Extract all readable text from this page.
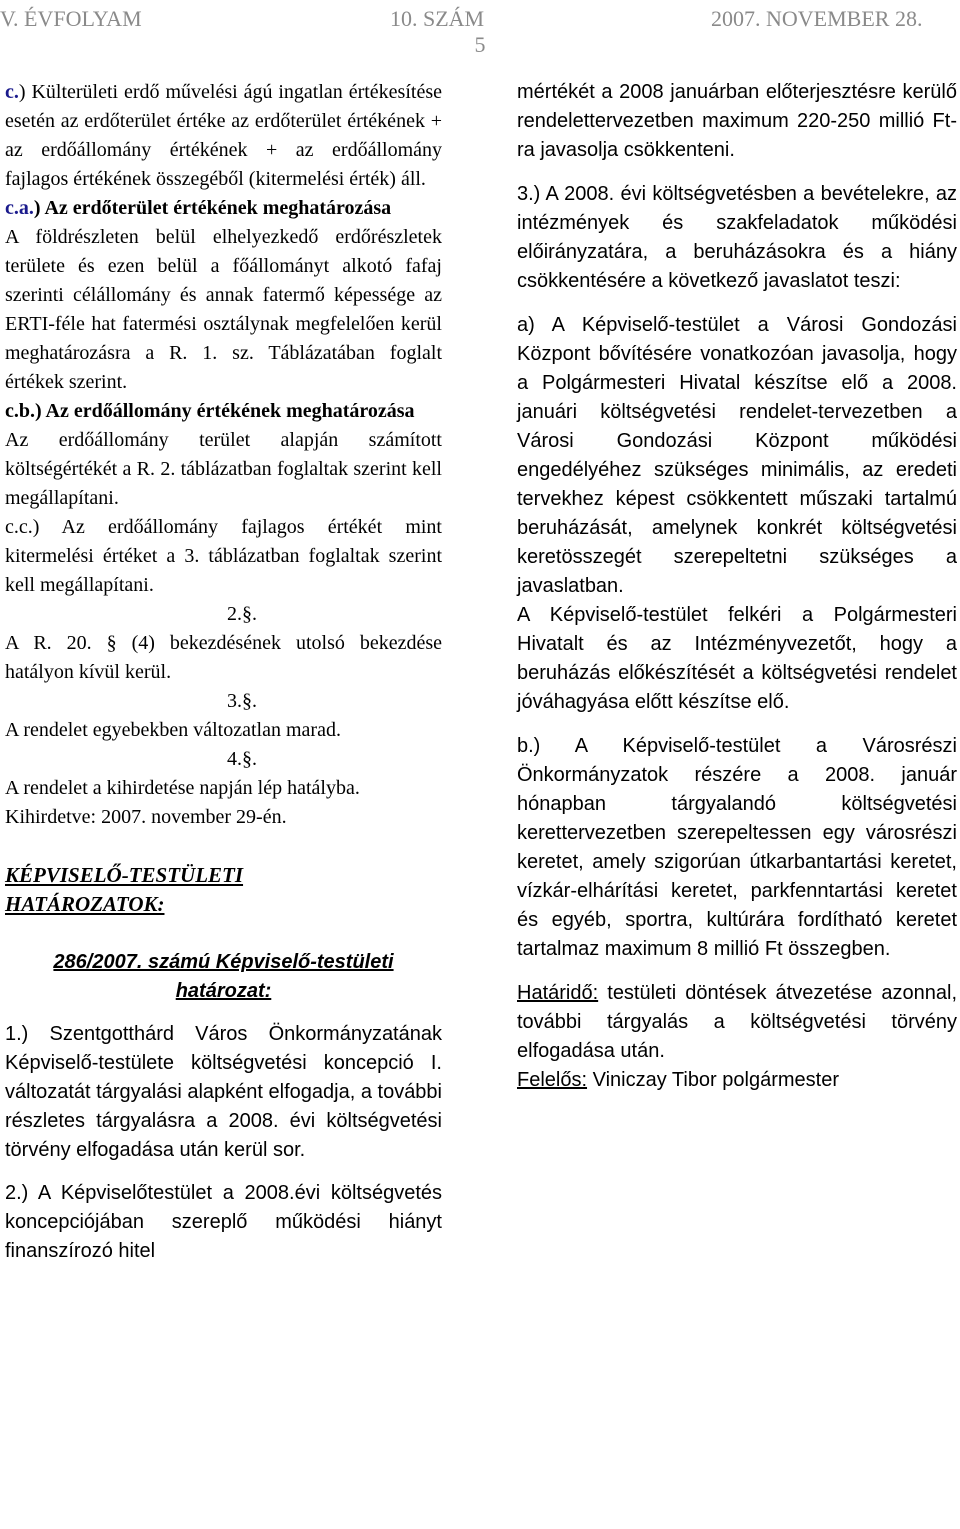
V. ÉVFOLYAM	10. SZÁM	2007. NOVEMBER 28.
5

c.) Külterületi erdő művelési ágú ingatlan értékesítése esetén az erdőterület értéke az erdőterület értékének + az erdőállomány értékének + az erdőállomány fajlagos értékének összegéből (kitermelési érték) áll.

c.a.) Az erdőterület értékének meghatározása

A földrészleten belül elhelyezkedő erdőrészletek területe és ezen belül a főállományt alkotó fafaj szerinti célállomány és annak fatermő képessége az ERTI-féle hat fatermési osztálynak megfelelően kerül meghatározásra a R. 1. sz. Táblázatában foglalt értékek szerint.

c.b.) Az erdőállomány értékének meghatározása

Az erdőállomány terület alapján számított költségértékét a R. 2. táblázatban foglaltak szerint kell megállapítani.

c.c.) Az erdőállomány fajlagos értékét mint kitermelési értéket a 3. táblázatban foglaltak szerint kell megállapítani.

2.§.

A R. 20. § (4) bekezdésének utolsó bekezdése hatályon kívül kerül.

3.§.

A rendelet egyebekben változatlan marad.

4.§.

A rendelet a kihirdetése napján lép hatályba.

Kihirdetve: 2007. november 29-én.

KÉPVISELŐ-TESTÜLETI

HATÁROZATOK:

286/2007. számú Képviselő-testületi

határozat:

1.) Szentgotthárd Város Önkormányzatának Képviselő-testülete költségvetési koncepció I. változatát tárgyalási alapként elfogadja, a további részletes tárgyalásra a 2008. évi költségvetési törvény elfogadása után kerül sor.

2.) A Képviselőtestület a 2008.évi költségvetés koncepciójában szereplő működési hiányt finanszírozó hitel

mértékét a 2008 januárban előterjesztésre kerülő rendelettervezetben maximum 220-250 millió Ft-ra javasolja csökkenteni.

3.) A 2008. évi költségvetésben a bevételekre, az intézmények és szakfeladatok működési előirányzatára, a beruházásokra és a hiány csökkentésére a következő javaslatot teszi:

a) A Képviselő-testület a Városi Gondozási Központ bővítésére vonatkozóan javasolja, hogy a Polgármesteri Hivatal készítse elő a 2008. januári költségvetési rendelet-tervezetben a Városi Gondozási Központ működési engedélyéhez szükséges minimális, az eredeti tervekhez képest csökkentett műszaki tartalmú beruházását, amelynek konkrét költségvetési keretösszegét szerepeltetni szükséges a javaslatban.

A Képviselő-testület felkéri a Polgármesteri Hivatalt és az Intézményvezetőt, hogy a beruházás előkészítését a költségvetési rendelet jóváhagyása előtt készítse elő.

b.) A Képviselő-testület a Városrészi Önkormányzatok részére a 2008. január hónapban tárgyalandó költségvetési kerettervezetben szerepeltessen egy városrészi keretet, amely szigorúan útkarbantartási keretet, vízkár-elhárítási keretet, parkfenntartási keretet és egyéb, sportra, kultúrára fordítható keretet tartalmaz maximum 8 millió Ft összegben.

Határidő: testületi döntések átvezetése azonnal, további tárgyalás a költségvetési törvény elfogadása után.

Felelős: Viniczay Tibor polgármester
